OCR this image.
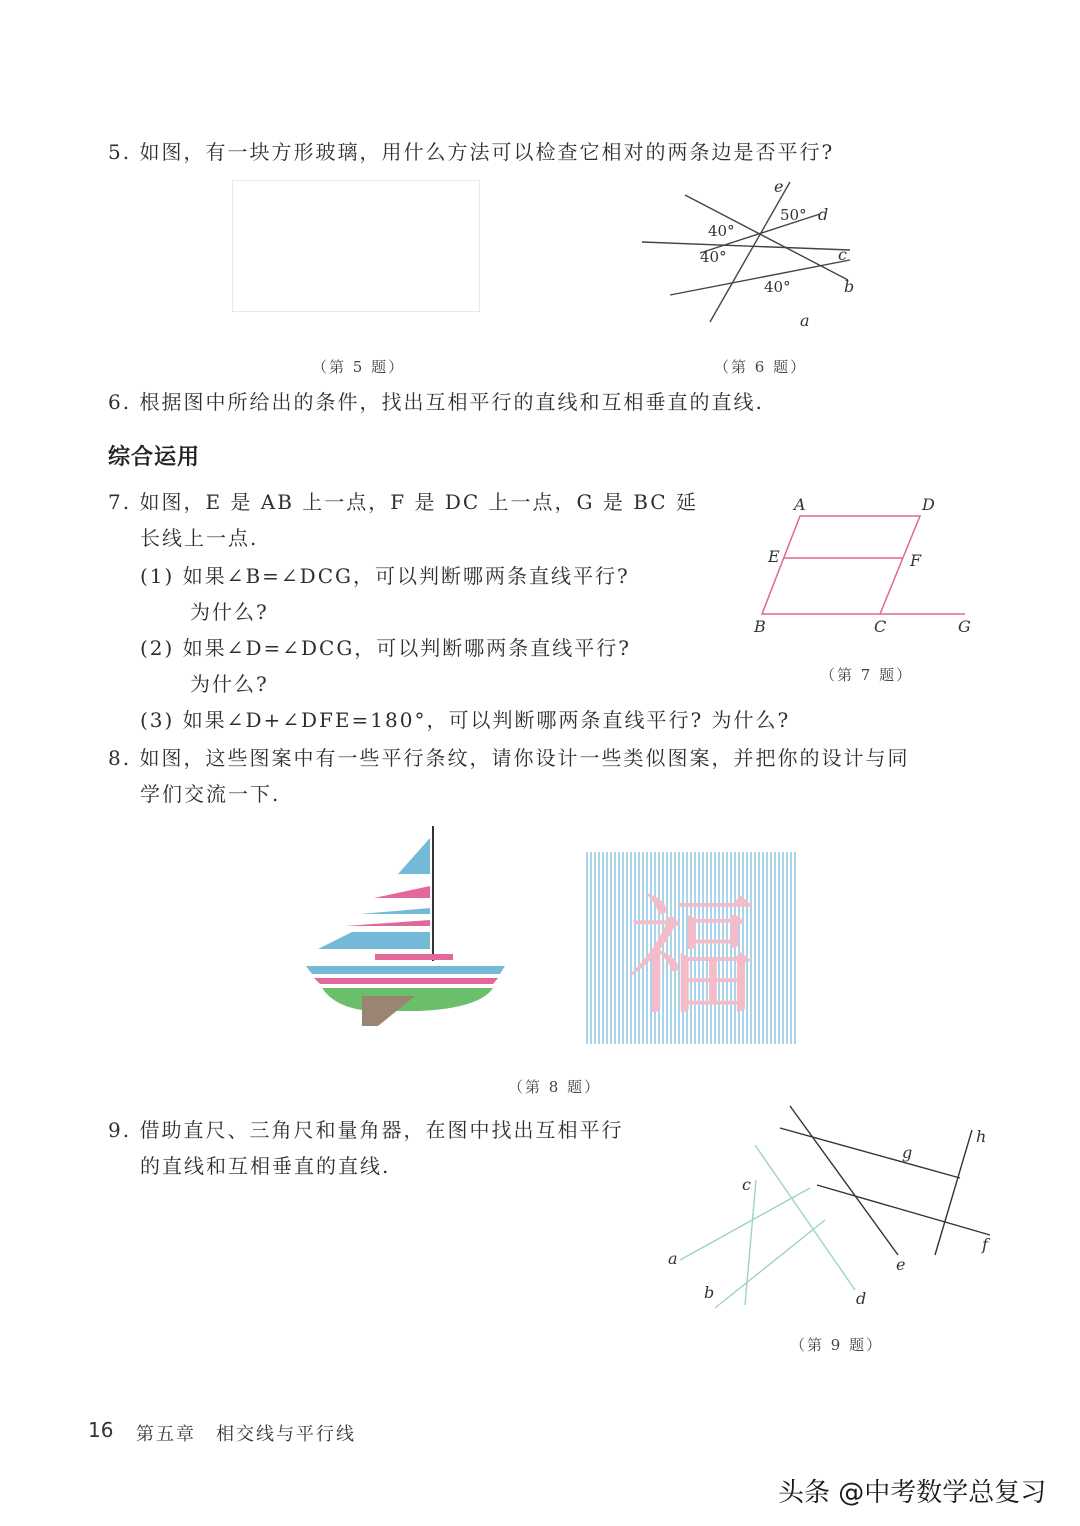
5. 如图，有一块方形玻璃，用什么方法可以检查它相对的两条边是否平行?
（第 5 题）
e
d
c
b
a
50°
40°
40°
40°
（第 6 题）
6. 根据图中所给出的条件，找出互相平行的直线和互相垂直的直线.
综合运用
7. 如图，E 是 AB 上一点，F 是 DC 上一点，G 是 BC 延
长线上一点.
(1) 如果∠B=∠DCG，可以判断哪两条直线平行?
为什么?
(2) 如果∠D=∠DCG，可以判断哪两条直线平行?
为什么?
(3) 如果∠D+∠DFE=180°，可以判断哪两条直线平行? 为什么?
A	D
E	F
B	C	G
（第 7 题）
8. 如图，这些图案中有一些平行条纹，请你设计一些类似图案，并把你的设计与同
学们交流一下.
福
（第 8 题）
9. 借助直尺、三角尺和量角器，在图中找出互相平行
的直线和互相垂直的直线.
a
b
c
d
e
f
g
h
（第 9 题）
16 第五章　相交线与平行线
头条 @中考数学总复习
